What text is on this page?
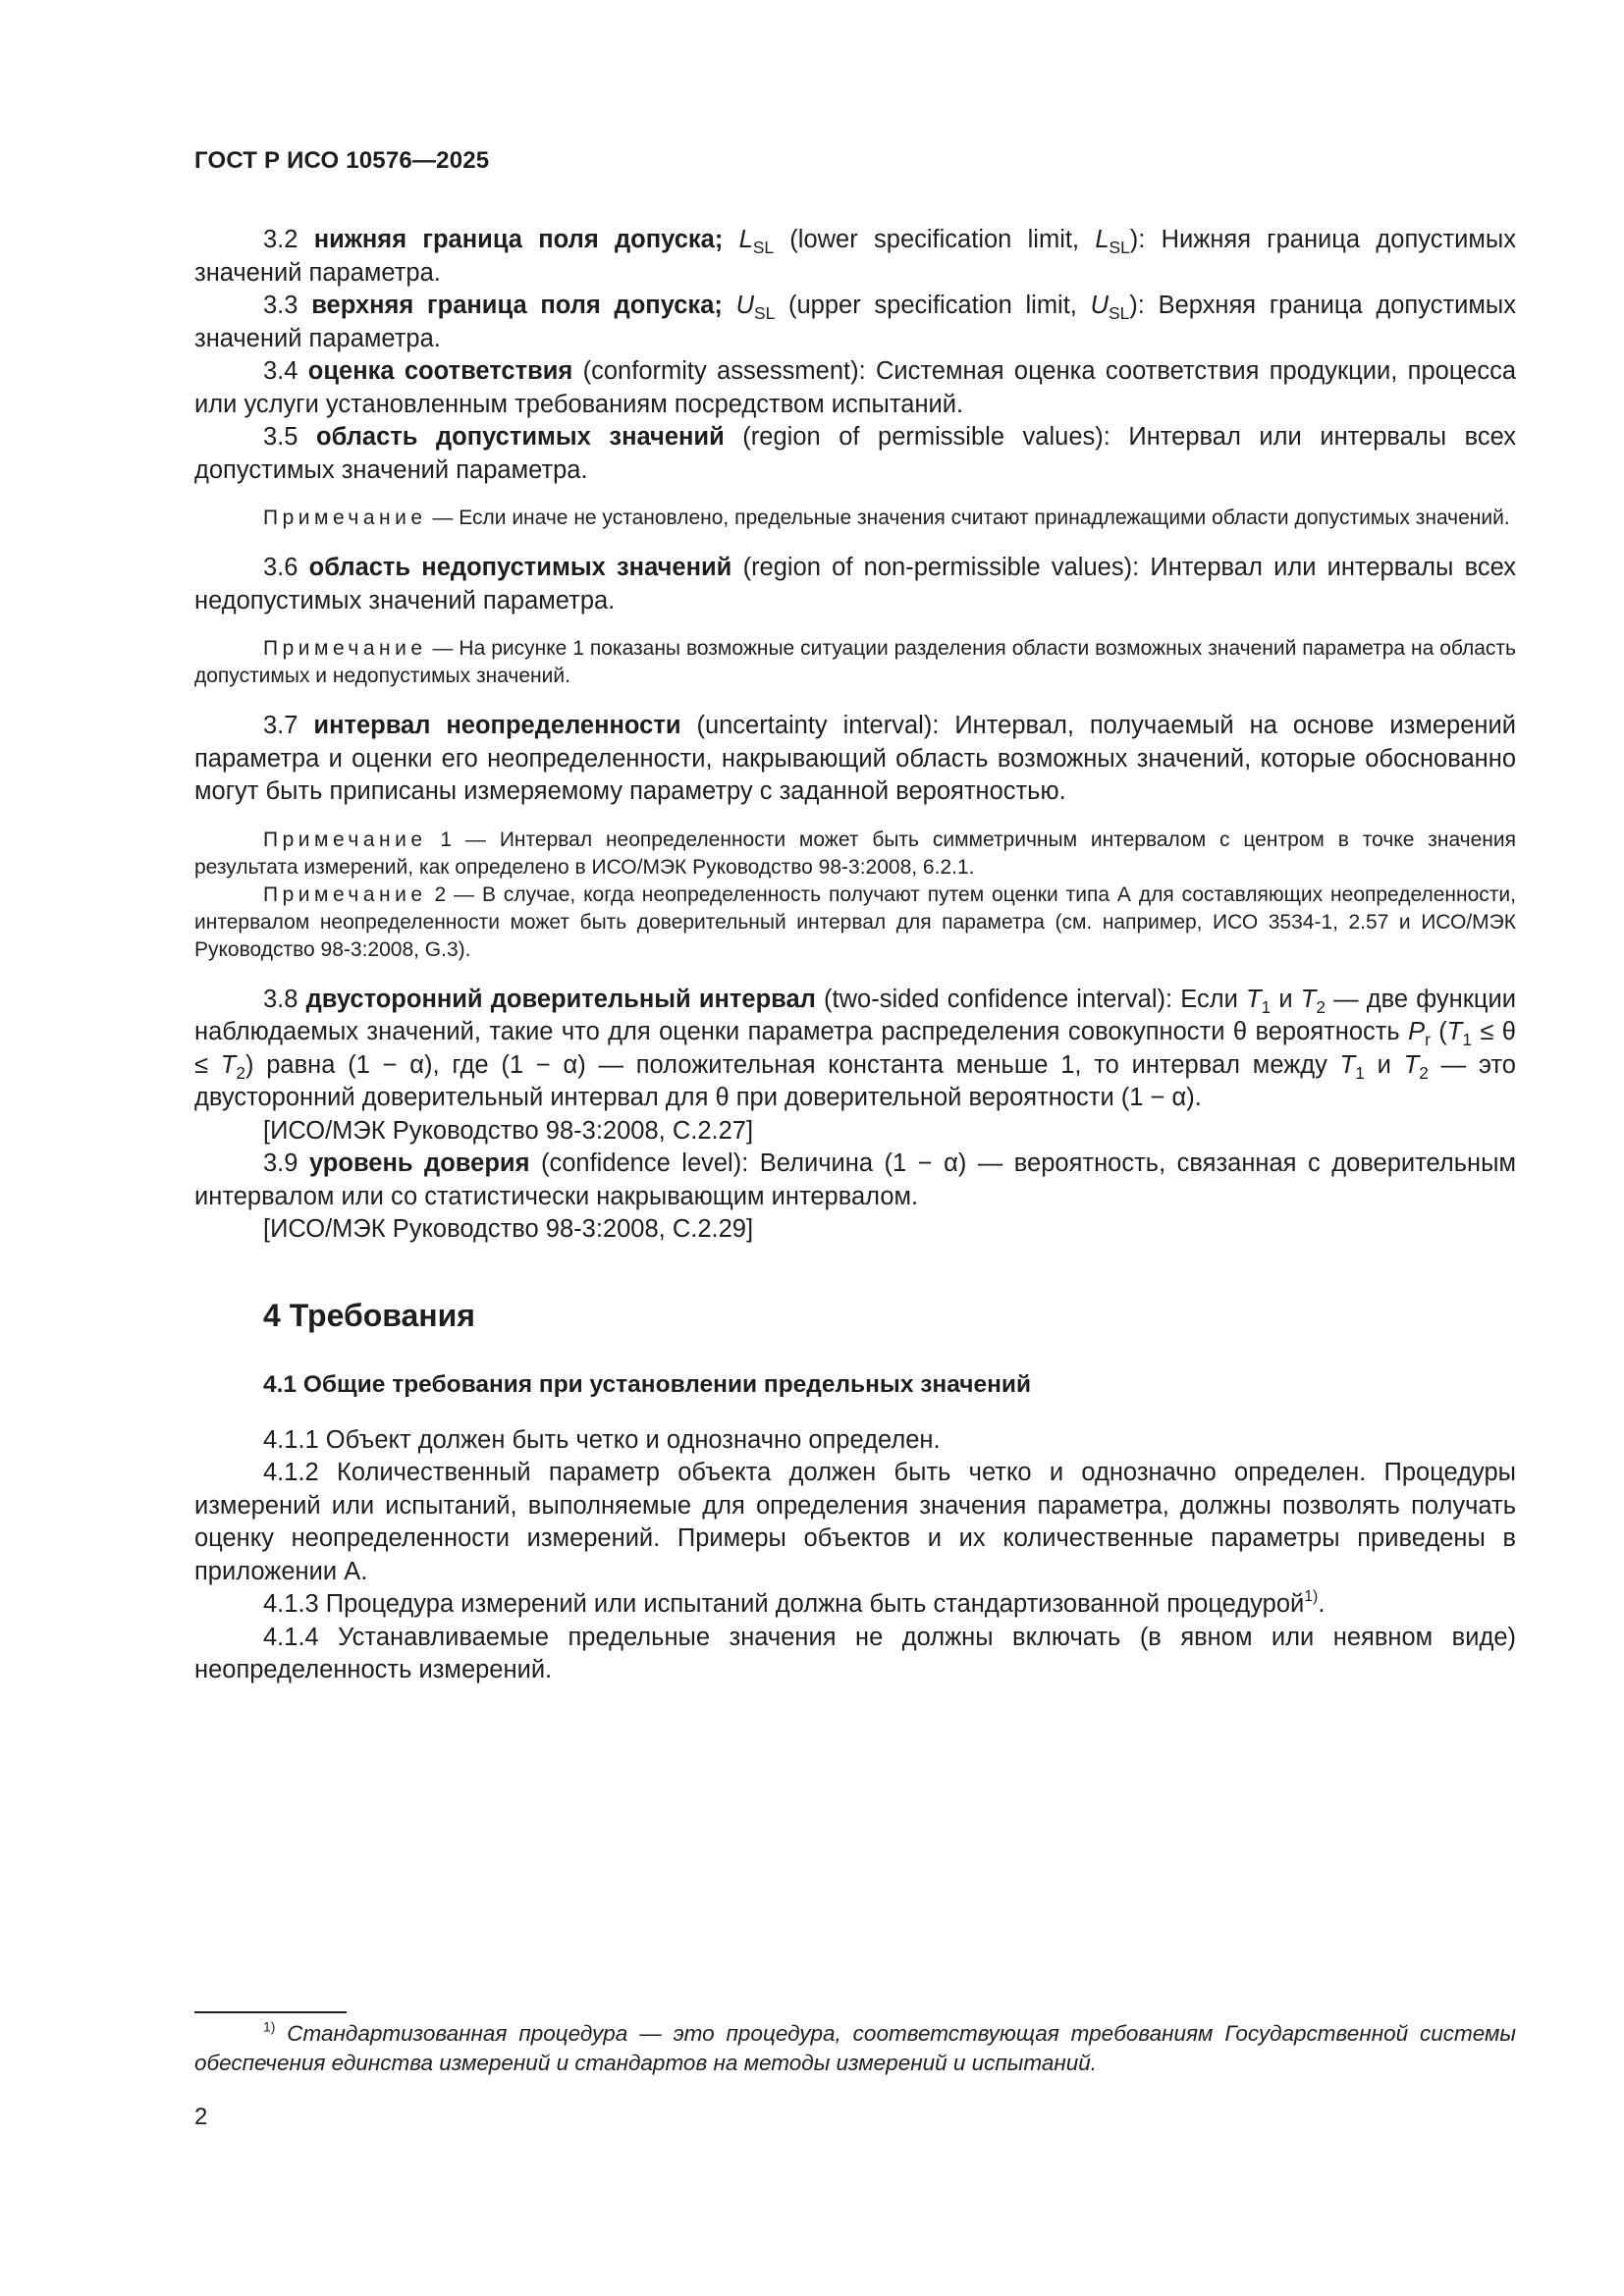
ГОСТ Р ИСО 10576—2025

3.2 нижняя граница поля допуска; $L_{SL}$ (lower specification limit, $L_{SL}$): Нижняя граница допустимых значений параметра.

3.3 верхняя граница поля допуска; $U_{SL}$ (upper specification limit, $U_{SL}$): Верхняя граница допустимых значений параметра.

3.4 оценка соответствия (conformity assessment): Системная оценка соответствия продукции, процесса или услуги установленным требованиям посредством испытаний.

3.5 область допустимых значений (region of permissible values): Интервал или интервалы всех допустимых значений параметра.

Примечание — Если иначе не установлено, предельные значения считают принадлежащими области допустимых значений.

3.6 область недопустимых значений (region of non-permissible values): Интервал или интервалы всех недопустимых значений параметра.

Примечание — На рисунке 1 показаны возможные ситуации разделения области возможных значений параметра на область допустимых и недопустимых значений.

3.7 интервал неопределенности (uncertainty interval): Интервал, получаемый на основе измерений параметра и оценки его неопределенности, накрывающий область возможных значений, которые обоснованно могут быть приписаны измеряемому параметру с заданной вероятностью.

Примечание 1 — Интервал неопределенности может быть симметричным интервалом с центром в точке значения результата измерений, как определено в ИСО/МЭК Руководство 98-3:2008, 6.2.1.

Примечание 2 — В случае, когда неопределенность получают путем оценки типа А для составляющих неопределенности, интервалом неопределенности может быть доверительный интервал для параметра (см. например, ИСО 3534-1, 2.57 и ИСО/МЭК Руководство 98-3:2008, G.3).

3.8 двусторонний доверительный интервал (two-sided confidence interval): Если $T_1$ и $T_2$ — две функции наблюдаемых значений, такие что для оценки параметра распределения совокупности θ вероятность $P_r$ $(T_1 \le \theta \le T_2)$ равна (1 − α), где (1 − α) — положительная константа меньше 1, то интервал между $T_1$ и $T_2$ — это двусторонний доверительный интервал для θ при доверительной вероятности (1 − α).

[ИСО/МЭК Руководство 98-3:2008, C.2.27]

3.9 уровень доверия (confidence level): Величина (1 − α) — вероятность, связанная с доверительным интервалом или со статистически накрывающим интервалом.

[ИСО/МЭК Руководство 98-3:2008, C.2.29]

4 Требования
4.1 Общие требования при установлении предельных значений

4.1.1 Объект должен быть четко и однозначно определен.

4.1.2 Количественный параметр объекта должен быть четко и однозначно определен. Процедуры измерений или испытаний, выполняемые для определения значения параметра, должны позволять получать оценку неопределенности измерений. Примеры объектов и их количественные параметры приведены в приложении А.

4.1.3 Процедура измерений или испытаний должна быть стандартизованной процедурой$^{1)}$.

4.1.4 Устанавливаемые предельные значения не должны включать (в явном или неявном виде) неопределенность измерений.

$^{1)}$ Стандартизованная процедура — это процедура, соответствующая требованиям Государственной системы обеспечения единства измерений и стандартов на методы измерений и испытаний.

2
